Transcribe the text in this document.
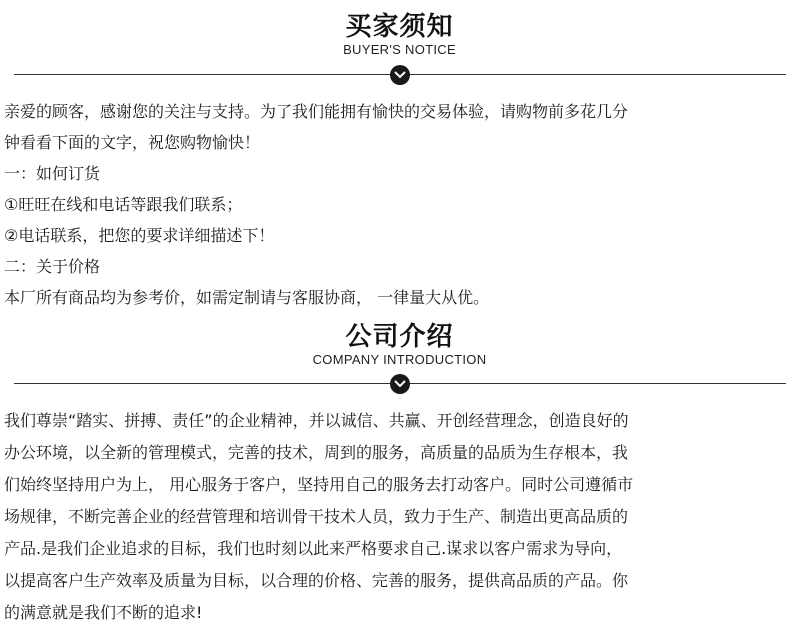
买家须知
BUYER'S NOTICE

亲爱的顾客，感谢您的关注与支持。为了我们能拥有愉快的交易体验，请购物前多花几分

钟看看下面的文字，祝您购物愉快！

一：如何订货

①旺旺在线和电话等跟我们联系；

②电话联系，把您的要求详细描述下！

二：关于价格

本厂所有商品均为参考价，如需定制请与客服协商， 一律量大从优。

公司介绍
COMPANY INTRODUCTION

我们尊崇“踏实、拼搏、责任”的企业精神，并以诚信、共赢、开创经营理念，创造良好的

办公环境，以全新的管理模式，完善的技术，周到的服务，高质量的品质为生存根本，我

们始终坚持用户为上， 用心服务于客户，坚持用自己的服务去打动客户。同时公司遵循市

场规律，不断完善企业的经营管理和培训骨干技术人员，致力于生产、制造出更高品质的

产品.是我们企业追求的目标，我们也时刻以此来严格要求自己.谋求以客户需求为导向，

以提高客户生产效率及质量为目标，以合理的价格、完善的服务，提供高品质的产品。你

的满意就是我们不断的追求!
